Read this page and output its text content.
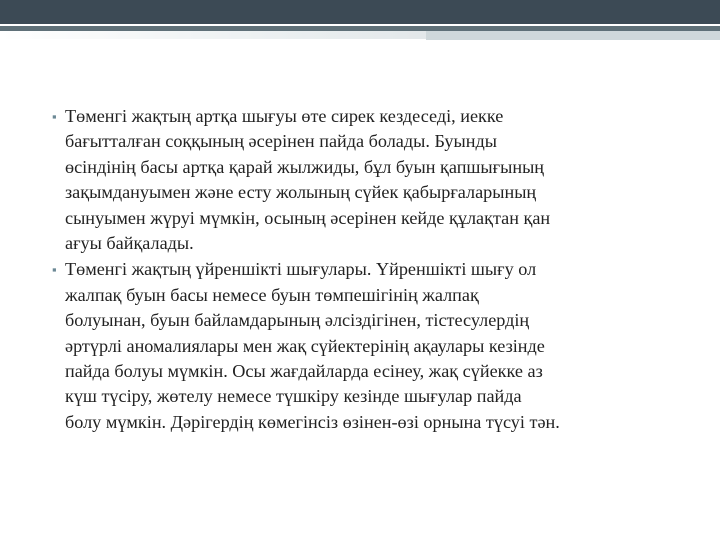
▪ Төменгі жақтың артқа шығуы өте сирек кездеседі, иекке
бағытталған соққының әсерінен пайда болады. Буынды
өсіндінің басы артқа қарай жылжиды, бұл буын қапшығының
зақымдануымен және есту жолының сүйек қабырғаларының
сынуымен жүруі мүмкін, осының әсерінен кейде құлақтан қан
ағуы байқалады.
▪ Төменгі жақтың үйреншікті шығулары. Үйреншікті шығу ол
жалпақ буын басы немесе буын төмпешігінің жалпақ
болуынан, буын байламдарының әлсіздігінен, тістесулердің
әртүрлі аномалиялары мен жақ сүйектерінің ақаулары кезінде
пайда болуы мүмкін. Осы жағдайларда есінеу, жақ сүйекке аз
күш түсіру, жөтелу немесе түшкіру кезінде шығулар пайда
болу мүмкін. Дәрігердің көмегінсіз өзінен-өзі орнына түсуі тән.
